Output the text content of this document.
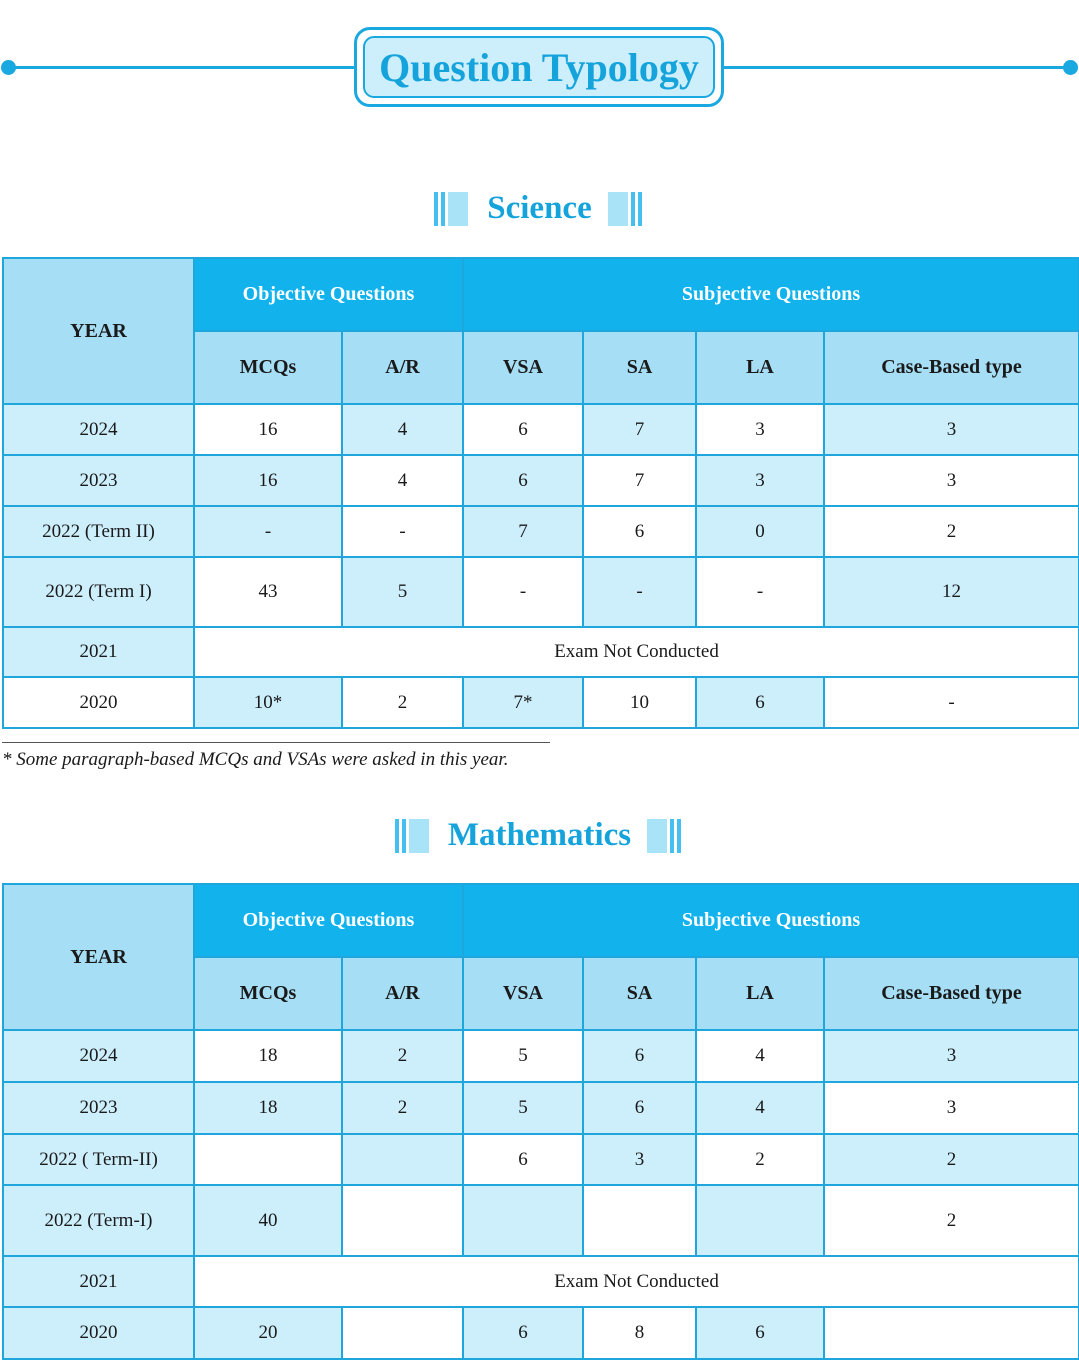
Question Typology
Science
YEAR	Objective Questions		Subjective Questions			
	MCQs	A/R	VSA	SA	LA	Case-Based type
2024	16	4	6	7	3	3
2023	16	4	6	7	3	3
2022 (Term II)	-	-	7	6	0	2
2022 (Term I)	43	5	-	-	-	12
2021	Exam Not Conducted					
2020	10*	2	7*	10	6	-
* Some paragraph-based MCQs and VSAs were asked in this year.
Mathematics
YEAR	Objective Questions		Subjective Questions			
	MCQs	A/R	VSA	SA	LA	Case-Based type
2024	18	2	5	6	4	3
2023	18	2	5	6	4	3
2022 ( Term-II)			6	3	2	2
2022 (Term-I)	40					2
2021	Exam Not Conducted					
2020	20		6	8	6	
